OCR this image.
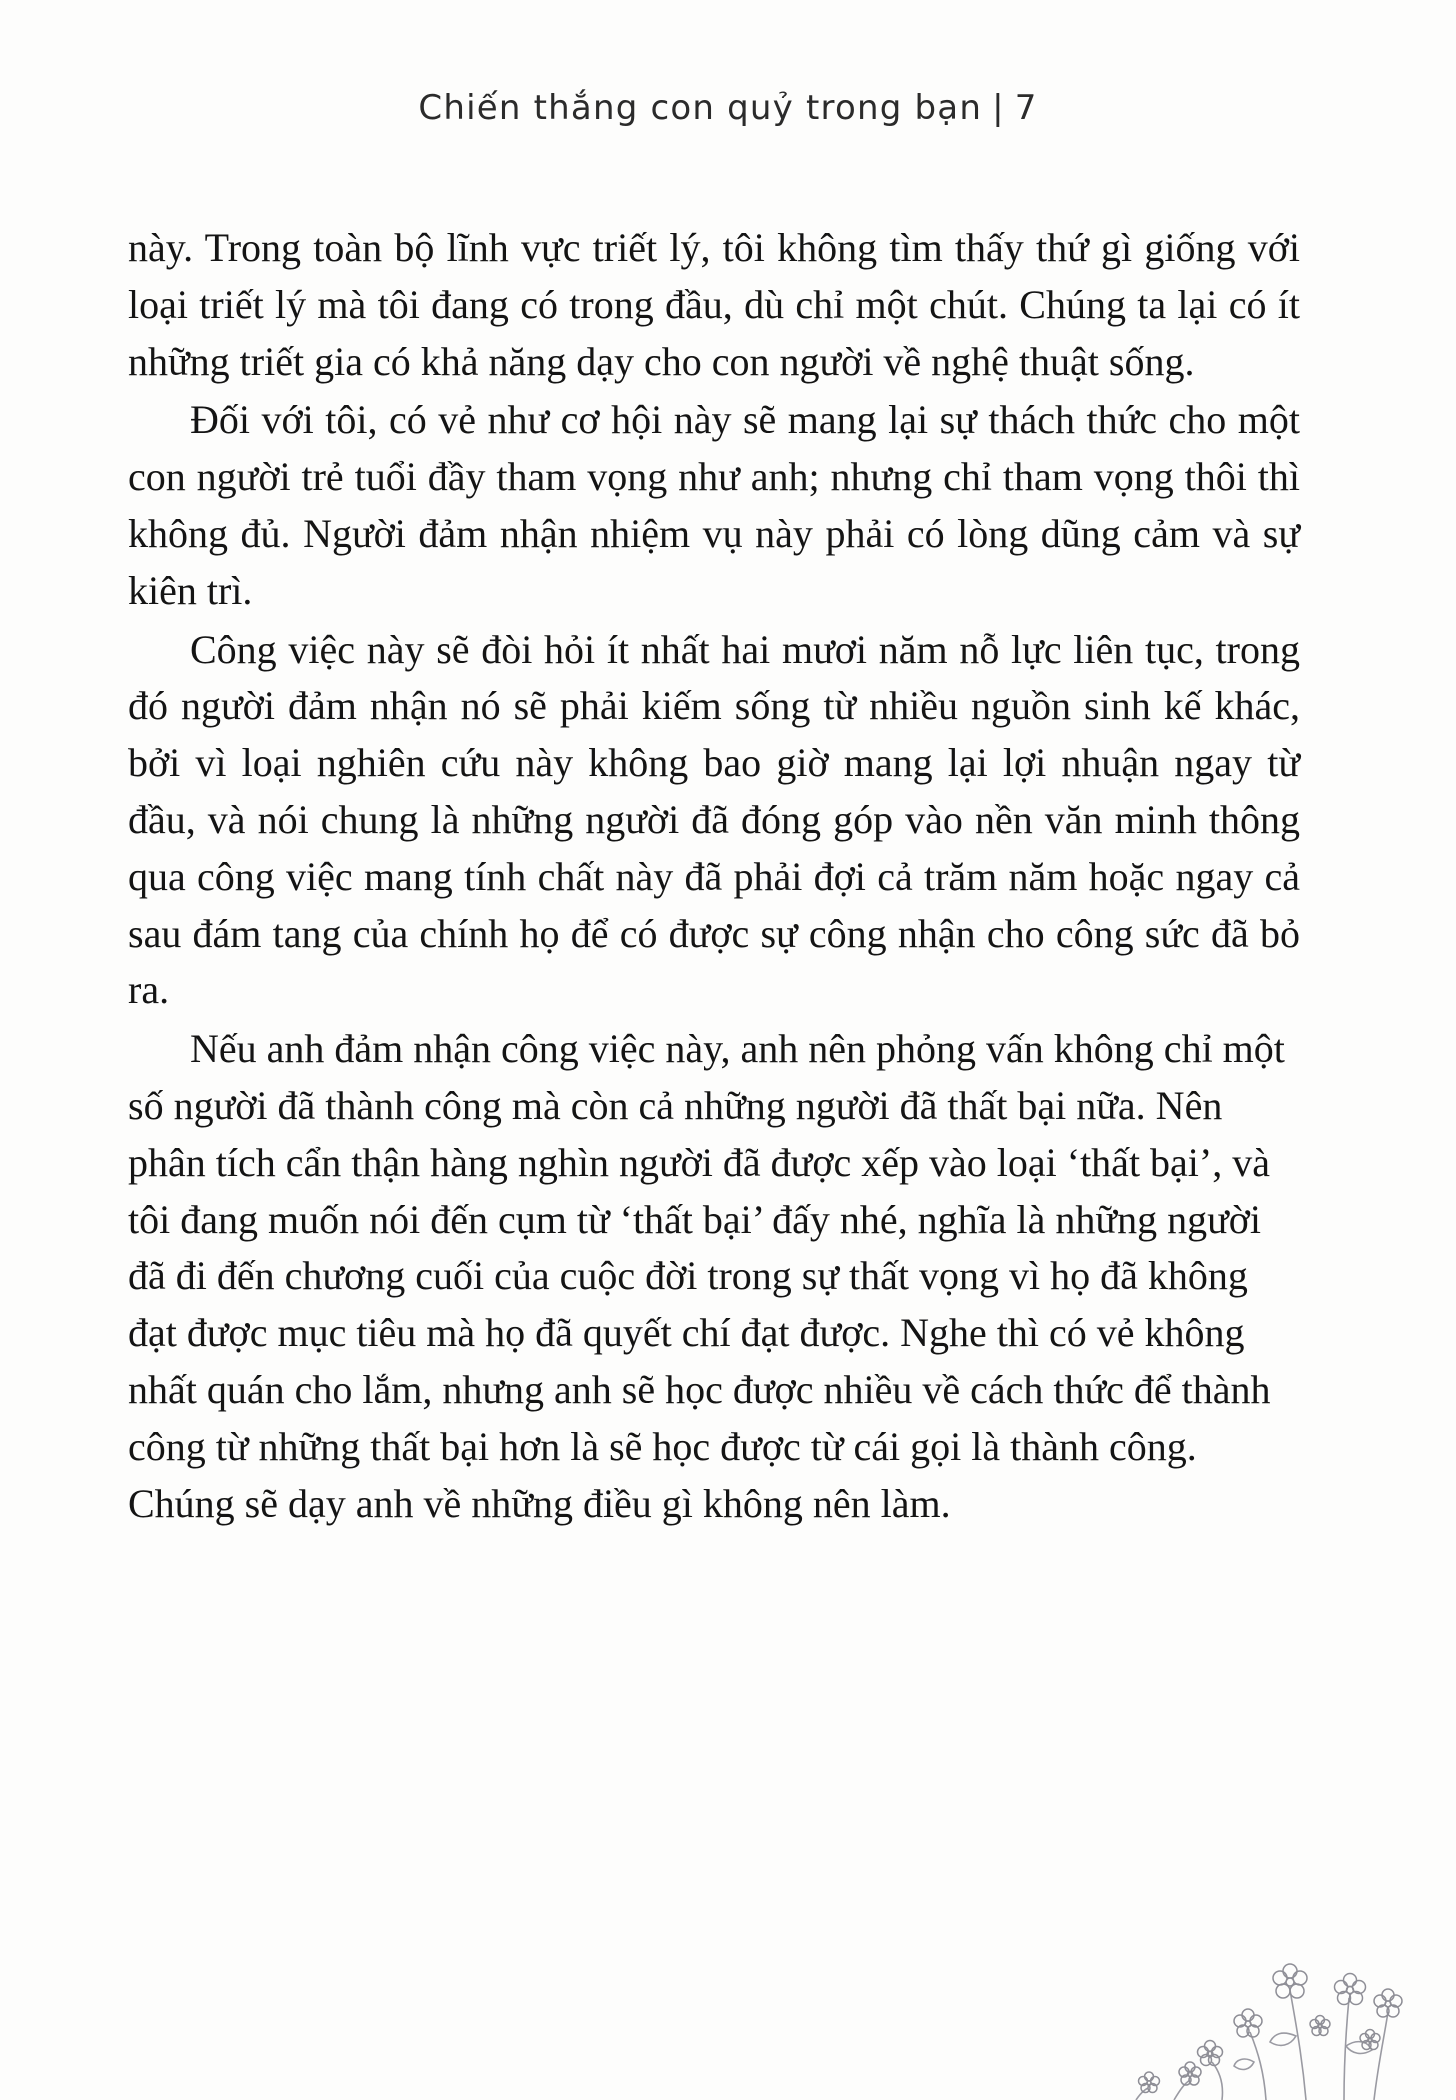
Chiến thắng con quỷ trong bạn | 7

này. Trong toàn bộ lĩnh vực triết lý, tôi không tìm thấy thứ gì giống với loại triết lý mà tôi đang có trong đầu, dù chỉ một chút. Chúng ta lại có ít những triết gia có khả năng dạy cho con người về nghệ thuật sống.

Đối với tôi, có vẻ như cơ hội này sẽ mang lại sự thách thức cho một con người trẻ tuổi đầy tham vọng như anh; nhưng chỉ tham vọng thôi thì không đủ. Người đảm nhận nhiệm vụ này phải có lòng dũng cảm và sự kiên trì.

Công việc này sẽ đòi hỏi ít nhất hai mươi năm nỗ lực liên tục, trong đó người đảm nhận nó sẽ phải kiếm sống từ nhiều nguồn sinh kế khác, bởi vì loại nghiên cứu này không bao giờ mang lại lợi nhuận ngay từ đầu, và nói chung là những người đã đóng góp vào nền văn minh thông qua công việc mang tính chất này đã phải đợi cả trăm năm hoặc ngay cả sau đám tang của chính họ để có được sự công nhận cho công sức đã bỏ ra.

Nếu anh đảm nhận công việc này, anh nên phỏng vấn không chỉ một số người đã thành công mà còn cả những người đã thất bại nữa. Nên phân tích cẩn thận hàng nghìn người đã được xếp vào loại ‘thất bại’, và tôi đang muốn nói đến cụm từ ‘thất bại’ đấy nhé, nghĩa là những người đã đi đến chương cuối của cuộc đời trong sự thất vọng vì họ đã không đạt được mục tiêu mà họ đã quyết chí đạt được. Nghe thì có vẻ không nhất quán cho lắm, nhưng anh sẽ học được nhiều về cách thức để thành công từ những thất bại hơn là sẽ học được từ cái gọi là thành công. Chúng sẽ dạy anh về những điều gì không nên làm.
